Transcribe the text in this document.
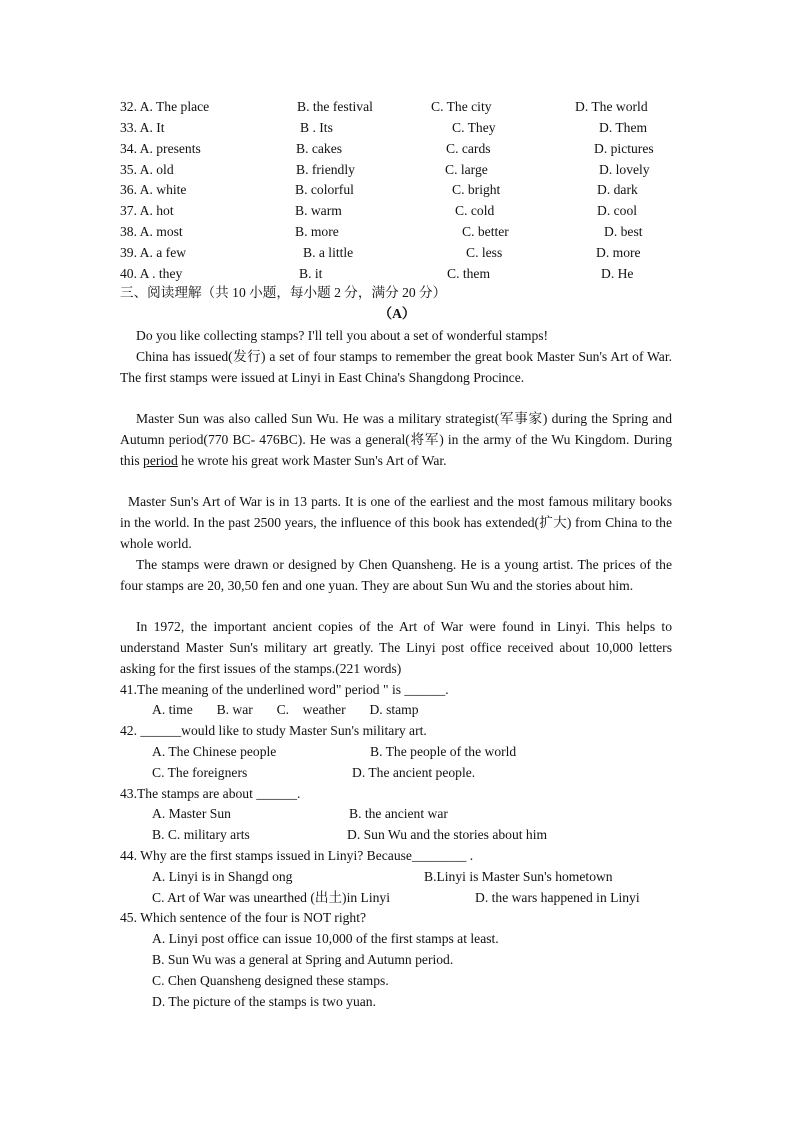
32. A. The place	B. the festival	C. The city	D. The world
33. A. It	B . Its	C. They	D. Them
34. A. presents	B. cakes	C. cards	D. pictures
35. A. old	B. friendly	C. large	D. lovely
36. A. white	B. colorful	C. bright	D. dark
37. A. hot	B. warm	C. cold	D. cool
38. A. most	B. more	C. better	D. best
39. A. a few	B. a little	C. less	D. more
40. A . they	B. it	C. them	D. He
三、阅读理解（共 10 小题，每小题 2 分，满分 20 分）
（A）
Do you like collecting stamps? I'll tell you about a set of wonderful stamps!
China has issued(发行) a set of four stamps to remember the great book Master Sun's Art of War. The first stamps were issued at Linyi in East China's Shangdong Procince.
Master Sun was also called Sun Wu. He was a military strategist(军事家) during the Spring and Autumn period(770 BC- 476BC). He was a general(将军) in the army of the Wu Kingdom. During this period he wrote his great work Master Sun's Art of War.
Master Sun's Art of War is in 13 parts. It is one of the earliest and the most famous military books in the world. In the past 2500 years, the influence of this book has extended(扩大) from China to the whole world.
The stamps were drawn or designed by Chen Quansheng. He is a young artist. The prices of the four stamps are 20, 30,50 fen and one yuan. They are about Sun Wu and the stories about him.
In 1972, the important ancient copies of the Art of War were found in Linyi. This helps to understand Master Sun's military art greatly. The Linyi post office received about 10,000 letters asking for the first issues of the stamps.(221 words)
41.The meaning of the underlined word" period " is ______.
A. time       B. war       C.    weather       D. stamp
42. ______would like to study Master Sun's military art.
A. The Chinese people	B. The people of the world
C. The foreigners	D. The ancient people.
43.The stamps are about ______.
A. Master Sun	B. the ancient war
B. C. military arts	D. Sun Wu and the stories about him
44. Why are the first stamps issued in Linyi? Because________ .
A. Linyi is in Shangd ong	B.Linyi is Master Sun's hometown
C. Art of War was unearthed (出土)in Linyi	D. the wars happened in Linyi
45. Which sentence of the four is NOT right?
A. Linyi post office can issue 10,000 of the first stamps at least.
B. Sun Wu was a general at Spring and Autumn period.
C. Chen Quansheng designed these stamps.
D. The picture of the stamps is two yuan.
